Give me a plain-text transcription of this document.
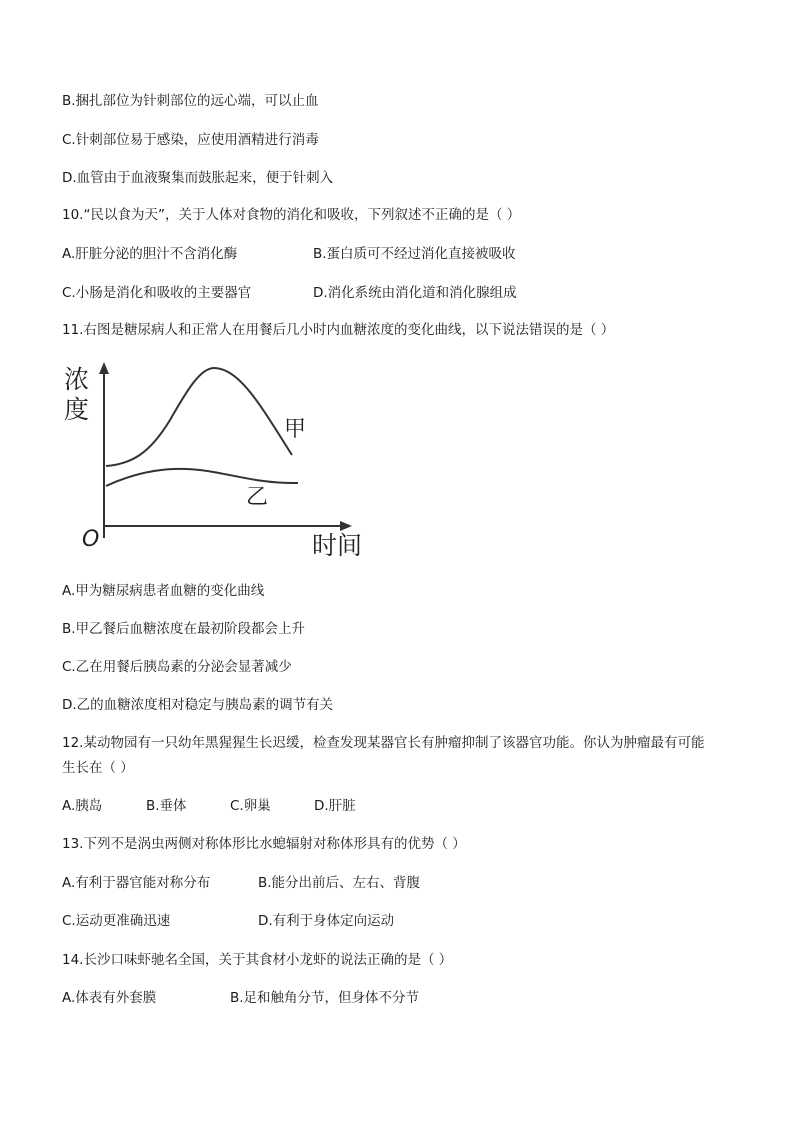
B.捆扎部位为针刺部位的远心端，可以止血
C.针刺部位易于感染，应使用酒精进行消毒
D.血管由于血液聚集而鼓胀起来，便于针刺入
10.“民以食为天”，关于人体对食物的消化和吸收，下列叙述不正确的是（ ）
A.肝脏分泌的胆汁不含消化酶	B.蛋白质可不经过消化直接被吸收
C.小肠是消化和吸收的主要器官	D.消化系统由消化道和消化腺组成
11.右图是糖尿病人和正常人在用餐后几小时内血糖浓度的变化曲线，以下说法错误的是（ ）
浓
度
甲
乙
O	时间
A.甲为糖尿病患者血糖的变化曲线
B.甲乙餐后血糖浓度在最初阶段都会上升
C.乙在用餐后胰岛素的分泌会显著减少
D.乙的血糖浓度相对稳定与胰岛素的调节有关
12.某动物园有一只幼年黑猩猩生长迟缓，检查发现某器官长有肿瘤抑制了该器官功能。你认为肿瘤最有可能
生长在（ ）
A.胰岛	B.垂体	C.卵巢	D.肝脏
13.下列不是涡虫两侧对称体形比水螅辐射对称体形具有的优势（ ）
A.有利于器官能对称分布	B.能分出前后、左右、背腹
C.运动更准确迅速	D.有利于身体定向运动
14.长沙口味虾驰名全国，关于其食材小龙虾的说法正确的是（ ）
A.体表有外套膜	B.足和触角分节，但身体不分节
